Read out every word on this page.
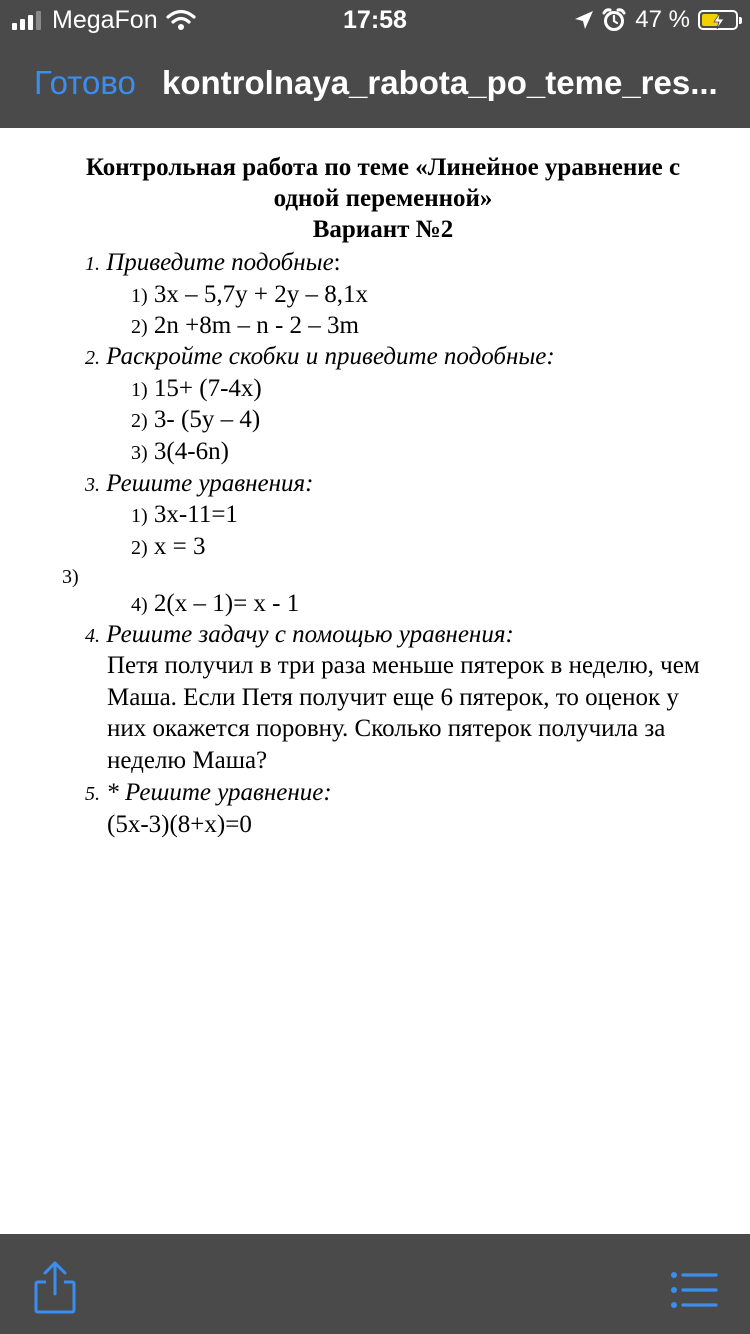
MegaFon	17:58	47 %
Готово kontrolnaya_rabota_po_teme_res...
Контрольная работа по теме «Линейное уравнение с
одной переменной»
Вариант №2
1. Приведите подобные:
1) 3x – 5,7y + 2y – 8,1x
2) 2n +8m – n - 2 – 3m
2. Раскройте скобки и приведите подобные:
1) 15+ (7-4x)
2) 3- (5y – 4)
3) 3(4-6n)
3. Решите уравнения:
1) 3x-11=1
2) x = 3
3)
4) 2(x – 1)= x - 1
4. Решите задачу с помощью уравнения:
Петя получил в три раза меньше пятерок в неделю, чем Маша. Если Петя получит еще 6 пятерок, то оценок у них окажется поровну. Сколько пятерок получила за неделю Маша?
5. * Решите уравнение:
(5x-3)(8+x)=0
